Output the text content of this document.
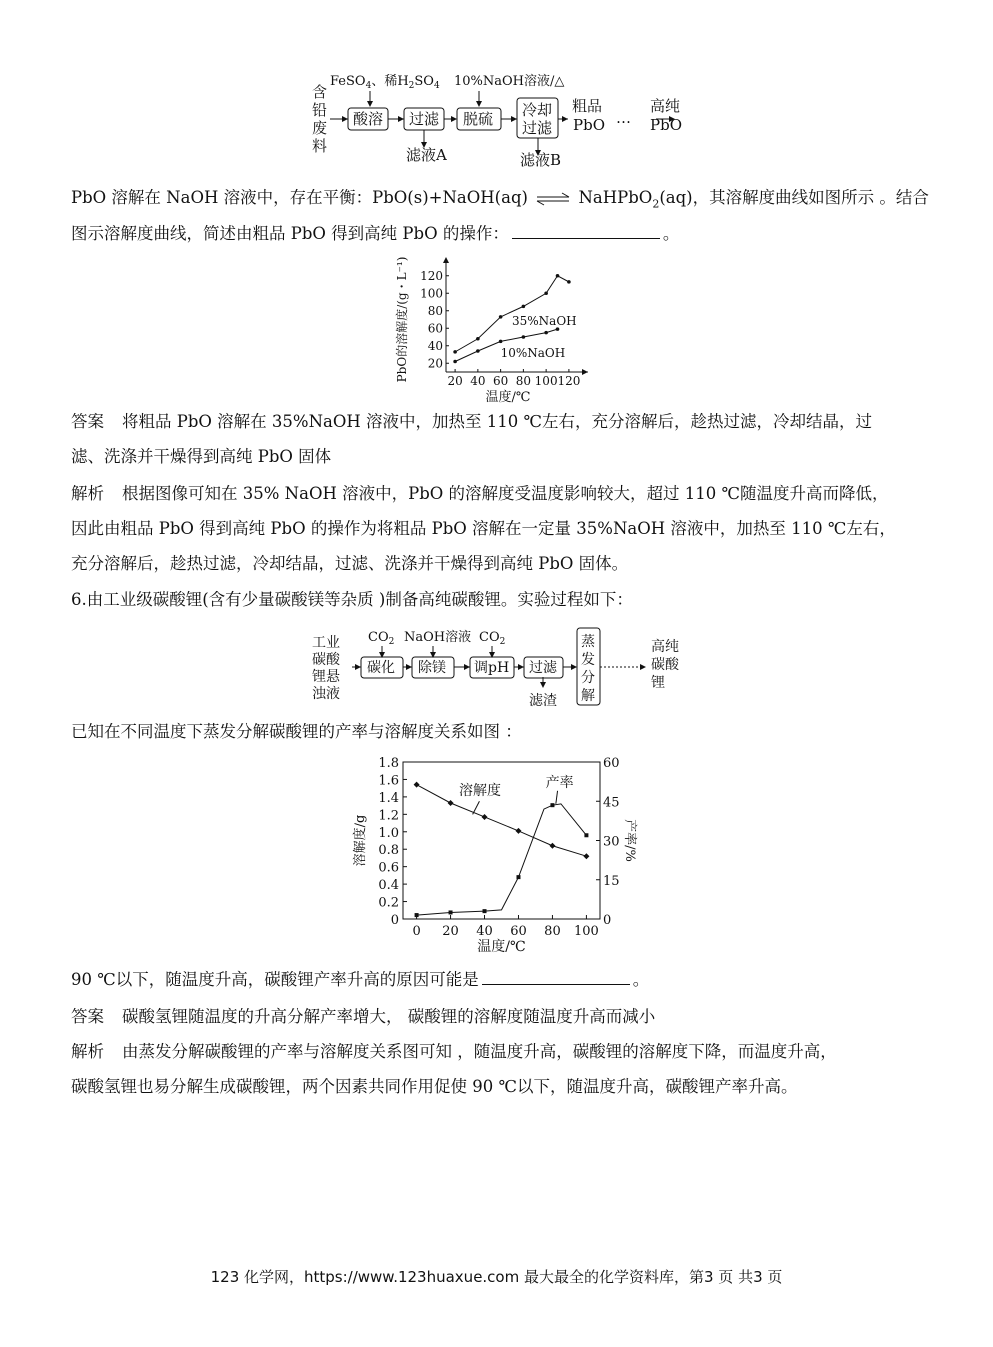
含
铅
废
料
FeSO$_4$、稀$H_2SO_4$ 10%NaOH溶液/△
酸溶 过滤 脱硫 冷却
过滤
滤液A	滤液B
粗品
PbO …
高纯
PbO
PbO 溶解在 NaOH 溶液中，存在平衡：PbO(s)+NaOH(aq) ⇌ NaHPbO$_2$(aq)，其溶解度曲线如图所示 。结合
图示溶解度曲线，简述由粗品 PbO 得到高纯 PbO 的操作：	。
20 40 60 80 100 120
20
40
60
80
100
120
温度/℃
PbO的溶解度/(g・L⁻¹)	35%NaOH
10%NaOH
答案 将粗品 PbO 溶解在 35%NaOH 溶液中，加热至 110 ℃左右，充分溶解后，趁热过滤，冷却结晶，过
滤、洗涤并干燥得到高纯 PbO 固体
解析 根据图像可知在 35% NaOH 溶液中，PbO 的溶解度受温度影响较大，超过 110 ℃随温度升高而降低，
因此由粗品 PbO 得到高纯 PbO 的操作为将粗品 PbO 溶解在一定量 35%NaOH 溶液中，加热至 110 ℃左右，
充分溶解后，趁热过滤，冷却结晶，过滤、洗涤并干燥得到高纯 PbO 固体。
6.由工业级碳酸锂(含有少量碳酸镁等杂质 )制备高纯碳酸锂。实验过程如下：
工业
碳酸
锂悬
浊液
$CO_2$ NaOH溶液 $CO_2$
碳化 除镁 调pH 过滤
滤渣
蒸
发
分
解
高纯
碳酸
锂
已知在不同温度下蒸发分解碳酸锂的产率与溶解度关系如图 ：
0 20 40 60 80 100
0
0.2
0.4
0.6
0.8
1.0
1.2
1.4
1.6
1.8
0
15
30
45
60
温度/℃
溶解度/g	产率/%
溶解度
产率
90 ℃以下，随温度升高，碳酸锂产率升高的原因可能是	。
答案 碳酸氢锂随温度的升高分解产率增大， 碳酸锂的溶解度随温度升高而减小
解析 由蒸发分解碳酸锂的产率与溶解度关系图可知 ，随温度升高，碳酸锂的溶解度下降，而温度升高，
碳酸氢锂也易分解生成碳酸锂，两个因素共同作用促使 90 ℃以下，随温度升高，碳酸锂产率升高。
123 化学网，https://www.123huaxue.com 最大最全的化学资料库，第3 页 共3 页
